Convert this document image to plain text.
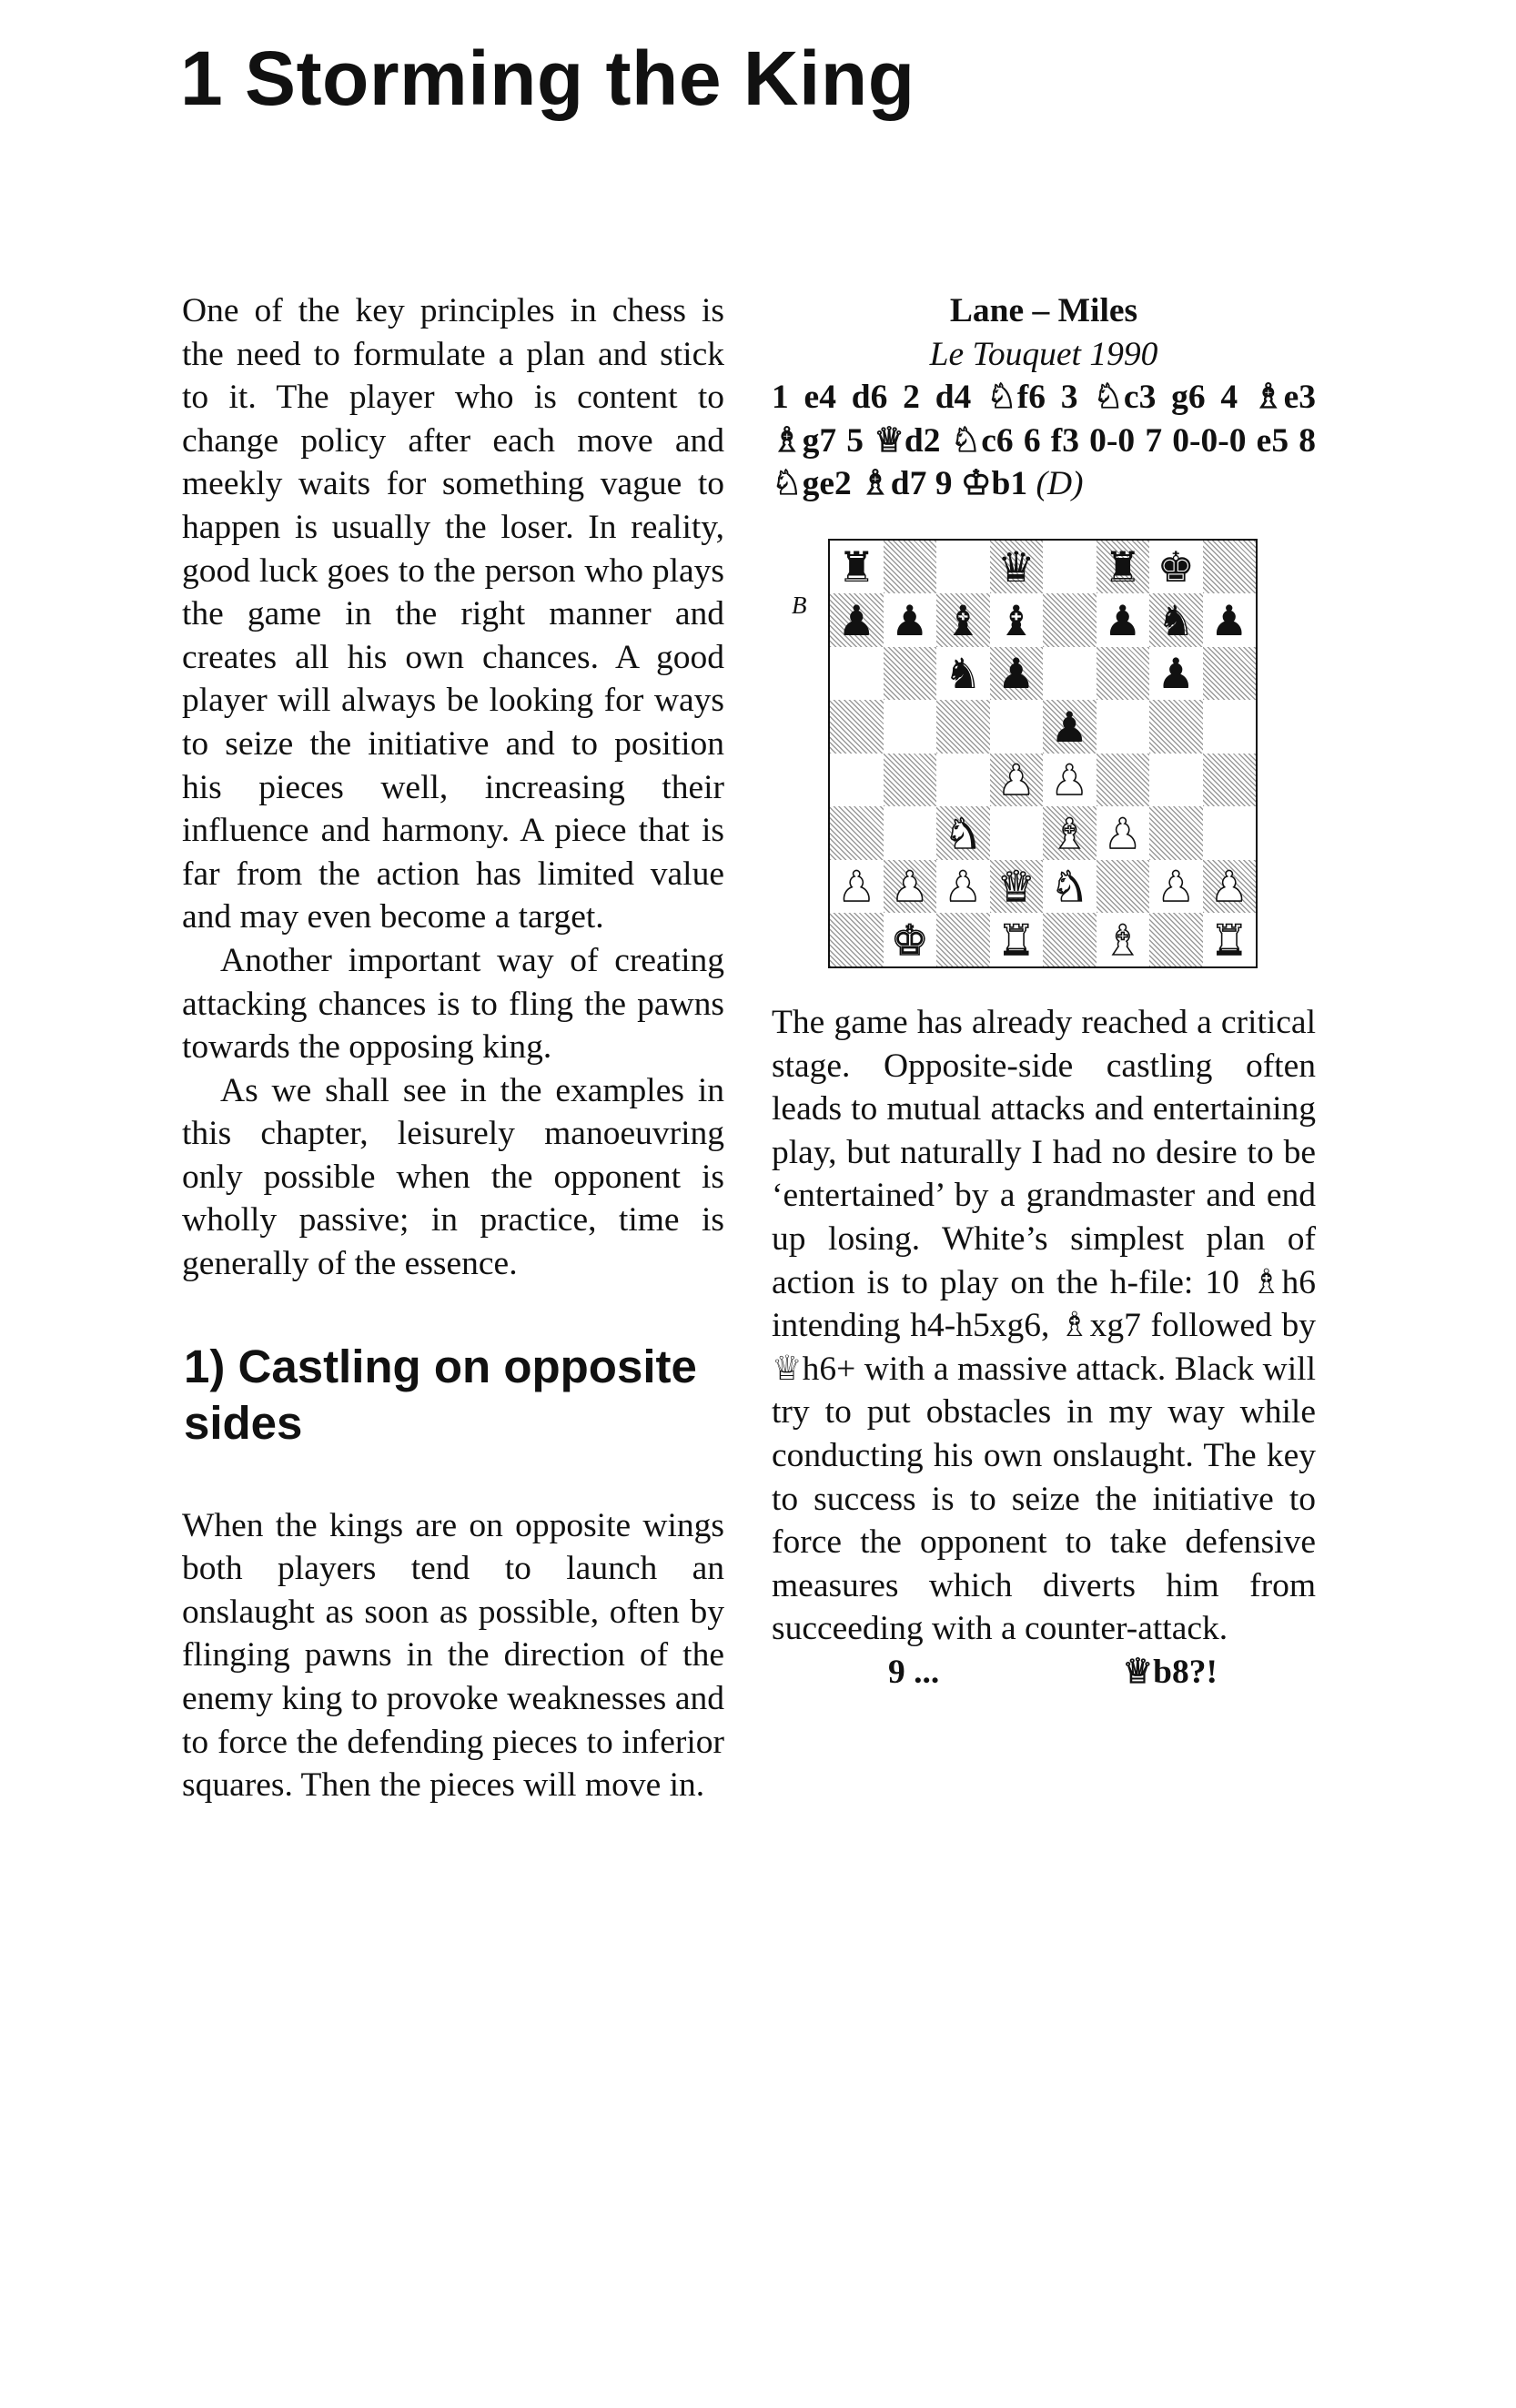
1 Storming the King

One of the key principles in chess is the need to formulate a plan and stick to it. The player who is content to change policy after each move and meekly waits for something vague to happen is usually the loser. In reality, good luck goes to the person who plays the game in the right manner and creates all his own chances. A good player will always be looking for ways to seize the initiative and to position his pieces well, increasing their influence and harmony. A piece that is far from the action has limited value and may even become a target.

Another important way of creating attacking chances is to fling the pawns towards the opposing king.

As we shall see in the examples in this chapter, leisurely manoeuvring only possible when the opponent is wholly passive; in practice, time is generally of the essence.

1) Castling on opposite sides

When the kings are on opposite wings both players tend to launch an onslaught as soon as possible, often by flinging pawns in the direction of the enemy king to provoke weaknesses and to force the defending pieces to inferior squares. Then the pieces will move in.

Lane – Miles
Le Touquet 1990

1 e4 d6 2 d4 ♘f6 3 ♘c3 g6 4 ♗e3 ♗g7 5 ♕d2 ♘c6 6 f3 0-0 7 0-0-0 e5 8 ♘ge2 ♗d7 9 ♔b1 (D)

B
♜	♛ ♜ ♚
♟ ♟ ♝ ♝ ♟ ♞ ♟
♞ ♟	♟
♟
♟ ♟
♞ ♝ ♟
♟ ♟ ♟ ♛ ♞ ♟ ♟
♚ ♜ ♝ ♜

The game has already reached a critical stage. Opposite-side castling often leads to mutual attacks and entertaining play, but naturally I had no desire to be ‘entertained’ by a grandmaster and end up losing. White’s simplest plan of action is to play on the h-file: 10 ♗h6 intending h4-h5xg6, ♗xg7 followed by ♕h6+ with a massive attack. Black will try to put obstacles in my way while conducting his own onslaught. The key to success is to seize the initiative to force the opponent to take defensive measures which diverts him from succeeding with a counter-attack.

9 ...	♕b8?!
